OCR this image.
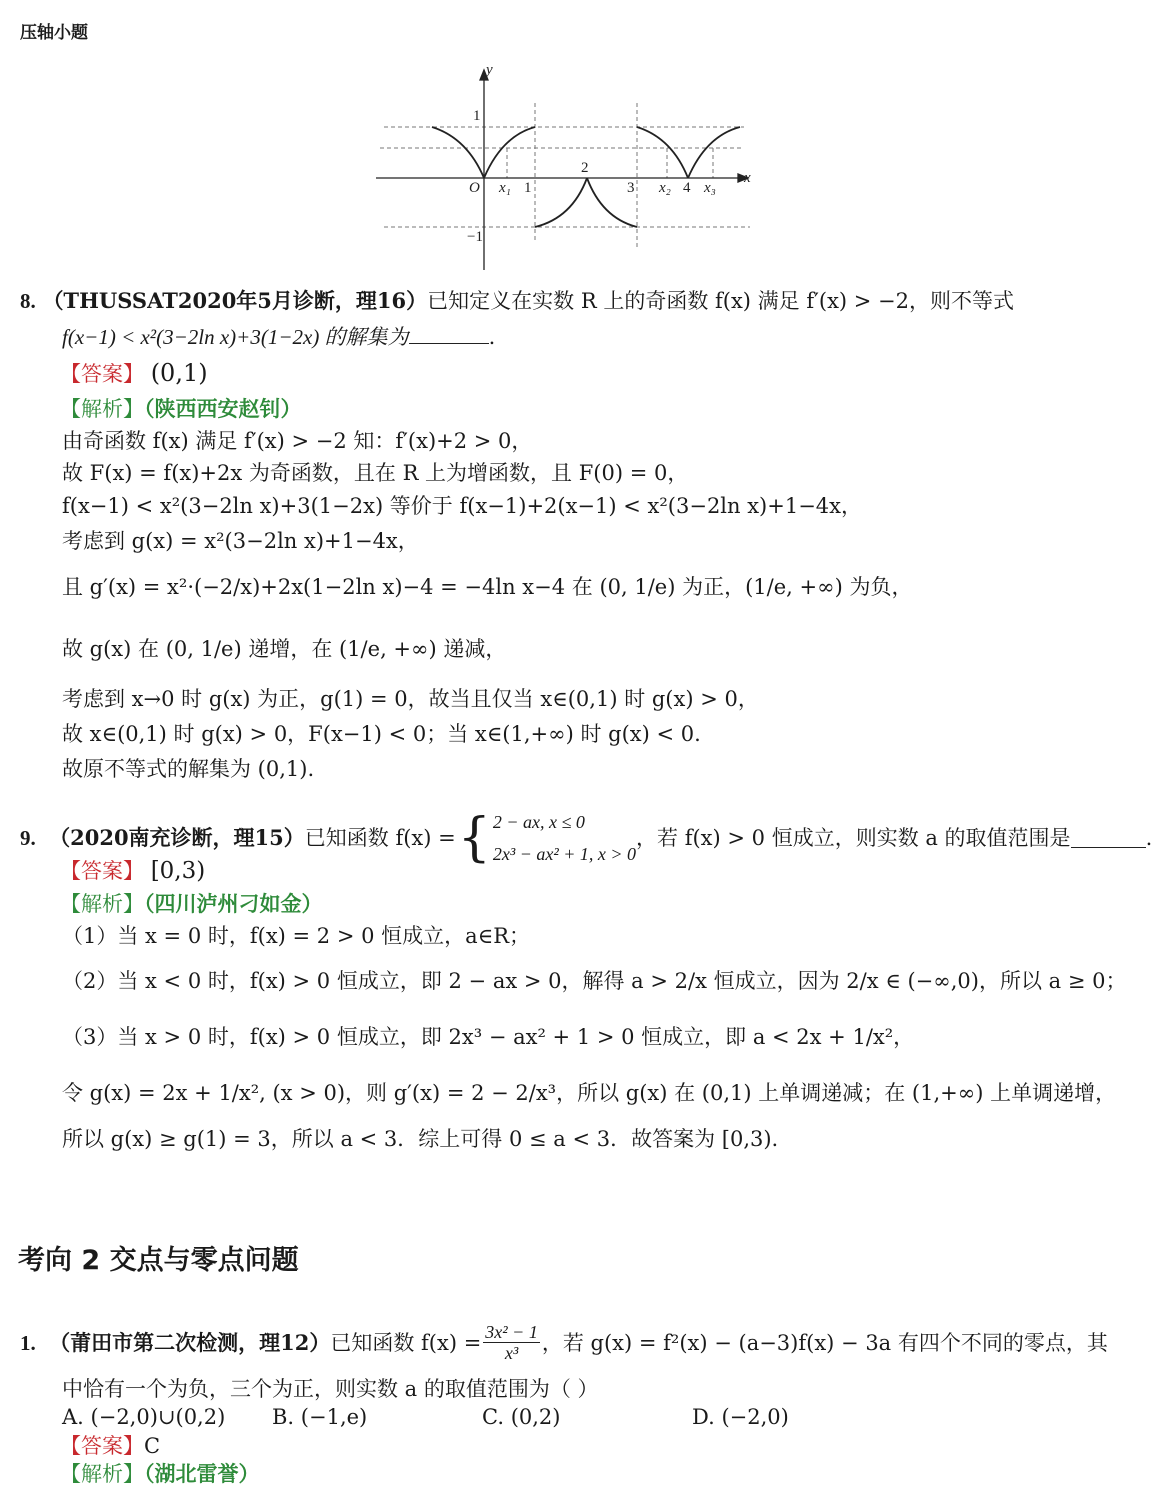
压轴小题
y
x
O
1
−1
x₁ 1
2
3 x₂ 4 x₃
8. （THUSSAT2020年5月诊断，理16）已知定义在实数 R 上的奇函数 f(x) 满足 f′(x) > −2，则不等式
f(x−1) < x²(3−2ln x)+3(1−2x) 的解集为	.
【答案】 (0,1)
【解析】（陕西西安赵钊）
由奇函数 f(x) 满足 f′(x) > −2 知：f′(x)+2 > 0，
故 F(x) = f(x)+2x 为奇函数，且在 R 上为增函数，且 F(0) = 0，
f(x−1) < x²(3−2ln x)+3(1−2x) 等价于 f(x−1)+2(x−1) < x²(3−2ln x)+1−4x，
考虑到 g(x) = x²(3−2ln x)+1−4x，
且 g′(x) = x²·(−2/x)+2x(1−2ln x)−4 = −4ln x−4 在 (0, 1/e) 为正，(1/e, +∞) 为负，
故 g(x) 在 (0, 1/e) 递增，在 (1/e, +∞) 递减，
考虑到 x→0 时 g(x) 为正，g(1) = 0，故当且仅当 x∈(0,1) 时 g(x) > 0，
故 x∈(0,1) 时 g(x) > 0，F(x−1) < 0；当 x∈(1,+∞) 时 g(x) < 0.
故原不等式的解集为 (0,1).
9.
（2020南充诊断，理15） 已知函数 f(x) = { 2 − ax, x ≤ 0
2x³ − ax² + 1, x > 0
，若 f(x) > 0 恒成立，则实数 a 的取值范围是	.
【答案】 [0,3)
【解析】（四川泸州刁如金）
（1）当 x = 0 时，f(x) = 2 > 0 恒成立，a∈R；
（2）当 x < 0 时，f(x) > 0 恒成立，即 2 − ax > 0，解得 a > 2/x 恒成立，因为 2/x ∈ (−∞,0)，所以 a ≥ 0；
（3）当 x > 0 时，f(x) > 0 恒成立，即 2x³ − ax² + 1 > 0 恒成立，即 a < 2x + 1/x²，
令 g(x) = 2x + 1/x², (x > 0)，则 g′(x) = 2 − 2/x³，所以 g(x) 在 (0,1) 上单调递减；在 (1,+∞) 上单调递增，
所以 g(x) ≥ g(1) = 3，所以 a < 3．综上可得 0 ≤ a < 3．故答案为 [0,3).
考向 2 交点与零点问题
1.
（莆田市第二次检测，理12） 已知函数 $f(x) = \frac{\text{3x² − 1}}{\text{x³}}$ ，若 g(x) = f²(x) − (a−3)f(x) − 3a 有四个不同的零点，其
中恰有一个为负，三个为正，则实数 a 的取值范围为（ ）
A. (−2,0)∪(0,2) B. (−1,e)	C. (0,2)	D. (−2,0)
【答案】C
【解析】（湖北雷誉）
